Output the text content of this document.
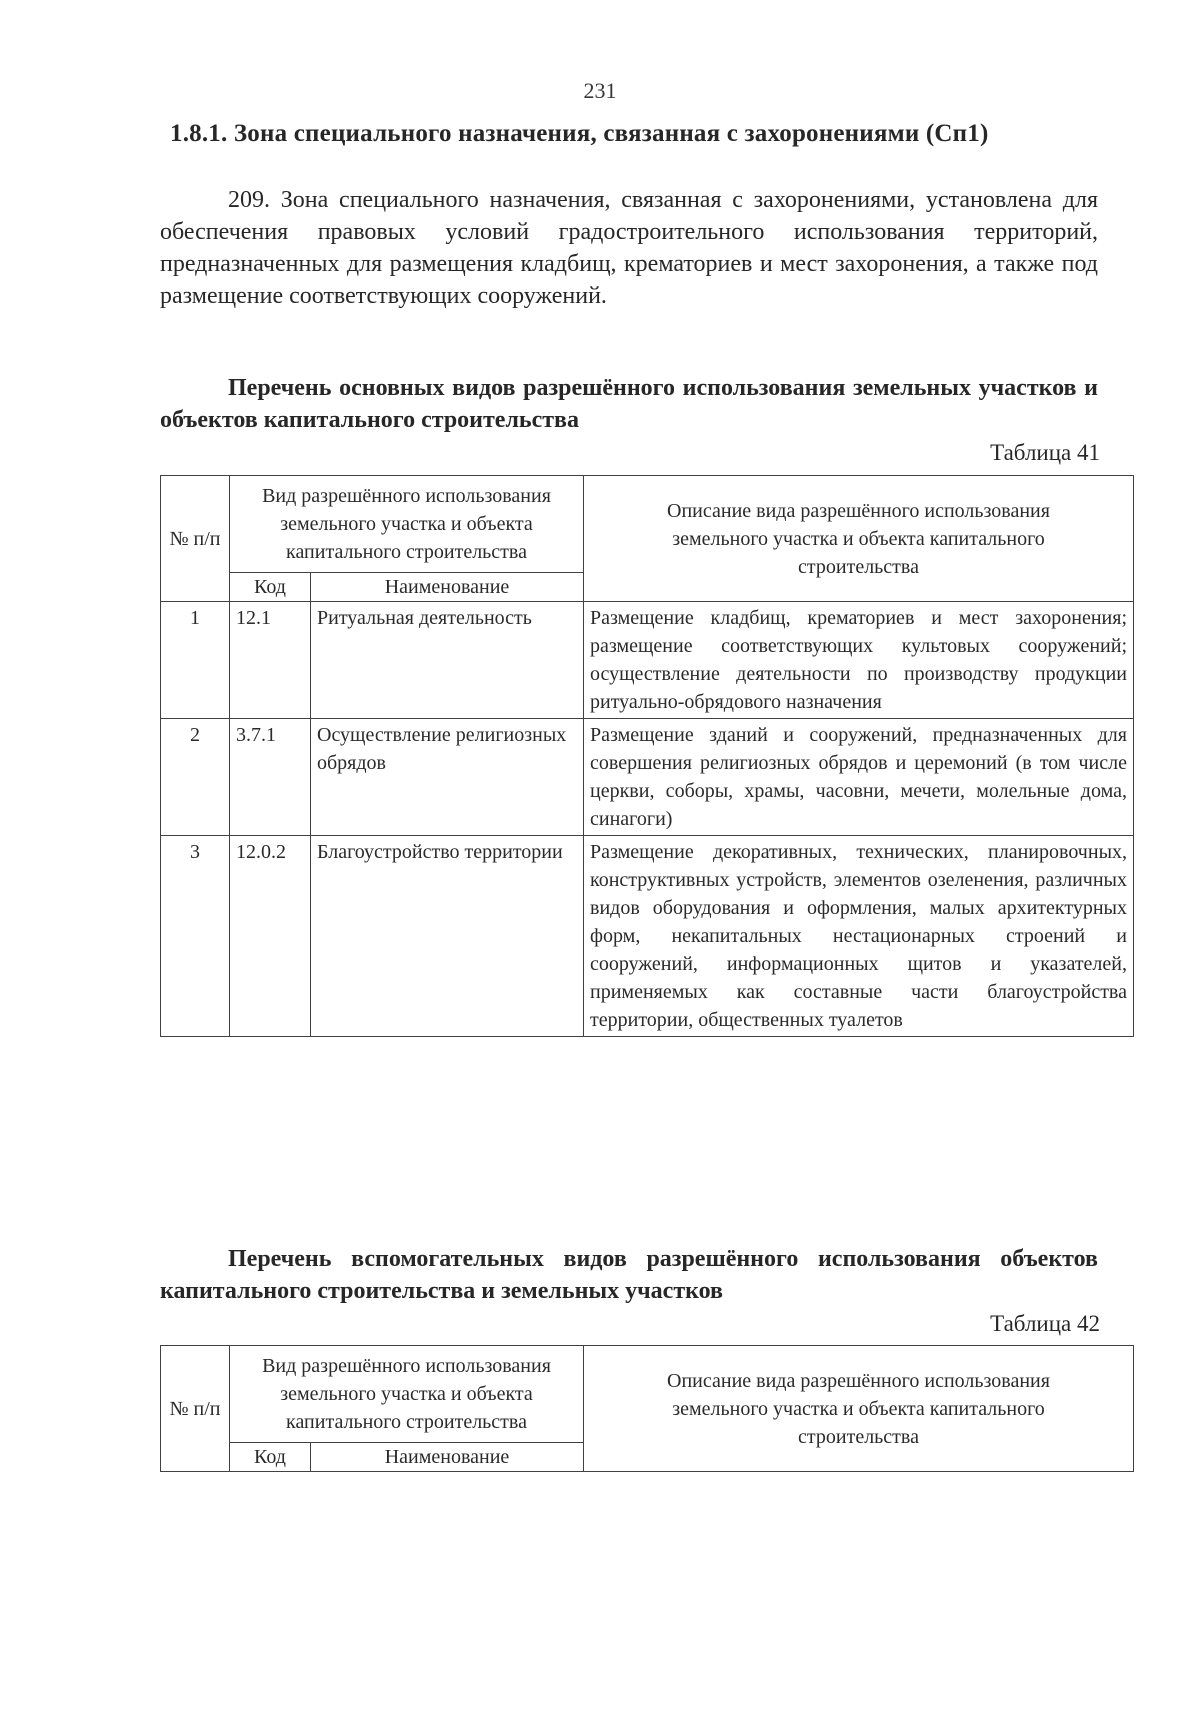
231
1.8.1. Зона специального назначения, связанная с захоронениями (Сп1)
209. Зона специального назначения, связанная с захоронениями, установлена для обеспечения правовых условий градостроительного использования территорий, предназначенных для размещения кладбищ, крематориев и мест захоронения, а также под размещение соответствующих сооружений.
Перечень основных видов разрешённого использования земельных участков и объектов капитального строительства
Таблица 41
№ п/п	Вид разрешённого использования земельного участка и объекта капитального строительства		Описание вида разрешённого использования земельного участка и объекта капитального строительства
	Код	Наименование	
1	12.1	Ритуальная деятельность	Размещение кладбищ, крематориев и мест захоронения;
размещение соответствующих культовых сооружений;
осуществление деятельности по производству продукции ритуально-обрядового назначения

2	3.7.1	Осуществление религиозных обрядов	Размещение зданий и сооружений, предназначенных для совершения религиозных обрядов и церемоний (в том числе церкви, соборы, храмы, часовни, мечети, молельные дома, синагоги)

3	12.0.2	Благоустройство территории	Размещение декоративных, технических, планировочных, конструктивных устройств, элементов озеленения, различных видов оборудования и оформления, малых архитектурных форм, некапитальных нестационарных строений и сооружений, информационных щитов и указателей, применяемых как составные части благоустройства территории, общественных туалетов
Перечень вспомогательных видов разрешённого использования объектов капитального строительства и земельных участков
Таблица 42
№ п/п	Вид разрешённого использования земельного участка и объекта капитального строительства		Описание вида разрешённого использования земельного участка и объекта капитального строительства
	Код	Наименование	
